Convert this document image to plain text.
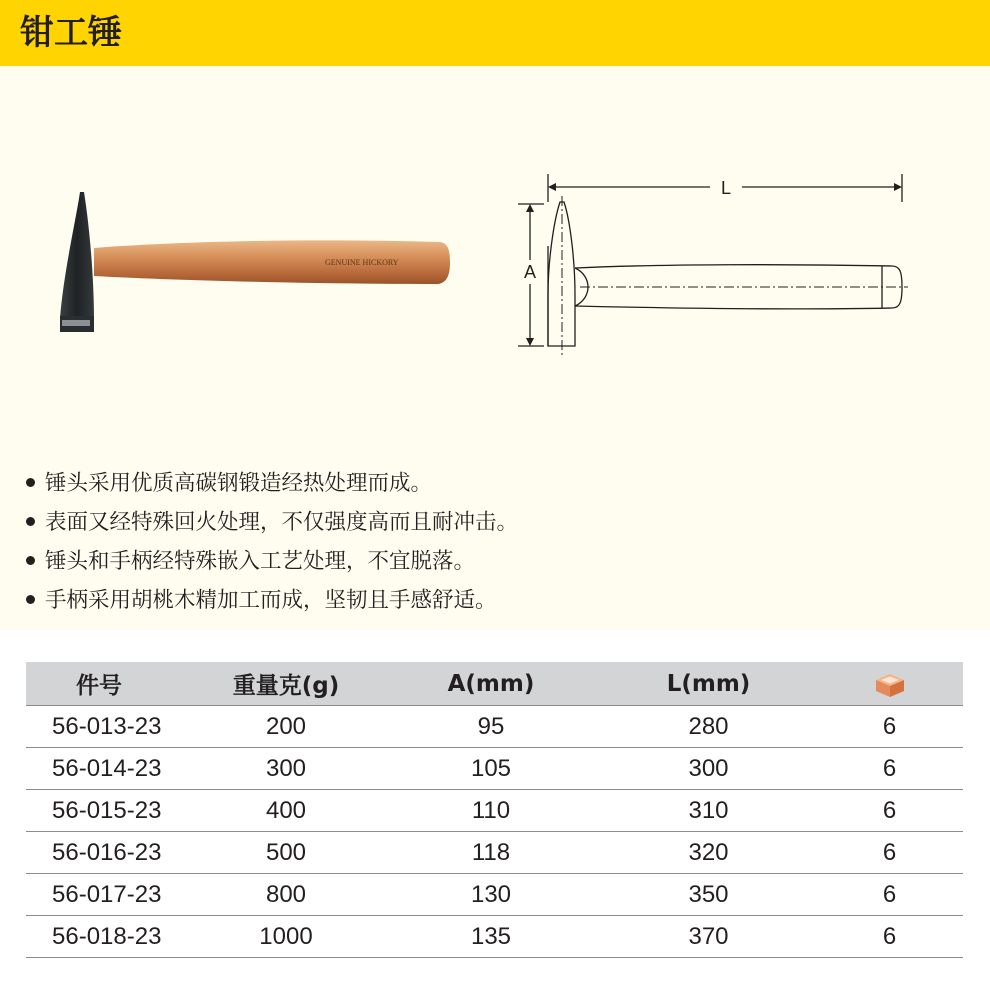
钳工锤
GENUINE HICKORY
L
A
锤头采用优质高碳钢锻造经热处理而成。
表面又经特殊回火处理，不仅强度高而且耐冲击。
锤头和手柄经特殊嵌入工艺处理，不宜脱落。
手柄采用胡桃木精加工而成，坚韧且手感舒适。
件号	重量克(g)	A(mm)	L(mm)	
56-013-23	200	95	280	6
56-014-23	300	105	300	6
56-015-23	400	110	310	6
56-016-23	500	118	320	6
56-017-23	800	130	350	6
56-018-23	1000	135	370	6
